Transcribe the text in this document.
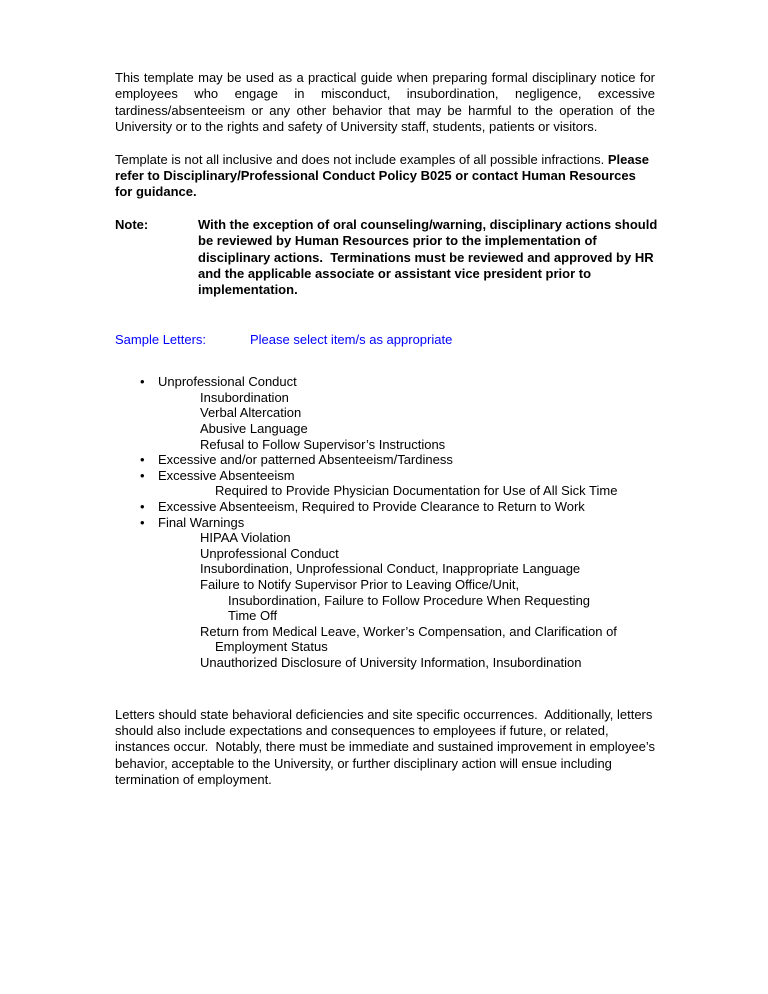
This template may be used as a practical guide when preparing formal disciplinary notice for employees who engage in misconduct, insubordination, negligence, excessive tardiness/absenteeism or any other behavior that may be harmful to the operation of the University or to the rights and safety of University staff, students, patients or visitors.

Template is not all inclusive and does not include examples of all possible infractions. Please refer to Disciplinary/Professional Conduct Policy B025 or contact Human Resources for guidance.

Note:	With the exception of oral counseling/warning, disciplinary actions should be reviewed by Human Resources prior to the implementation of disciplinary actions.  Terminations must be reviewed and approved by HR and the applicable associate or assistant vice president prior to implementation.
Sample Letters:	Please select item/s as appropriate
• Unprofessional Conduct
Insubordination
Verbal Altercation
Abusive Language
Refusal to Follow Supervisor’s Instructions
• Excessive and/or patterned Absenteeism/Tardiness
• Excessive Absenteeism
Required to Provide Physician Documentation for Use of All Sick Time
• Excessive Absenteeism, Required to Provide Clearance to Return to Work
• Final Warnings
HIPAA Violation
Unprofessional Conduct
Insubordination, Unprofessional Conduct, Inappropriate Language
Failure to Notify Supervisor Prior to Leaving Office/Unit,
Insubordination, Failure to Follow Procedure When Requesting
Time Off
Return from Medical Leave, Worker’s Compensation, and Clarification of
Employment Status
Unauthorized Disclosure of University Information, Insubordination

Letters should state behavioral deficiencies and site specific occurrences.  Additionally, letters should also include expectations and consequences to employees if future, or related, instances occur.  Notably, there must be immediate and sustained improvement in employee’s behavior, acceptable to the University, or further disciplinary action will ensue including termination of employment.
